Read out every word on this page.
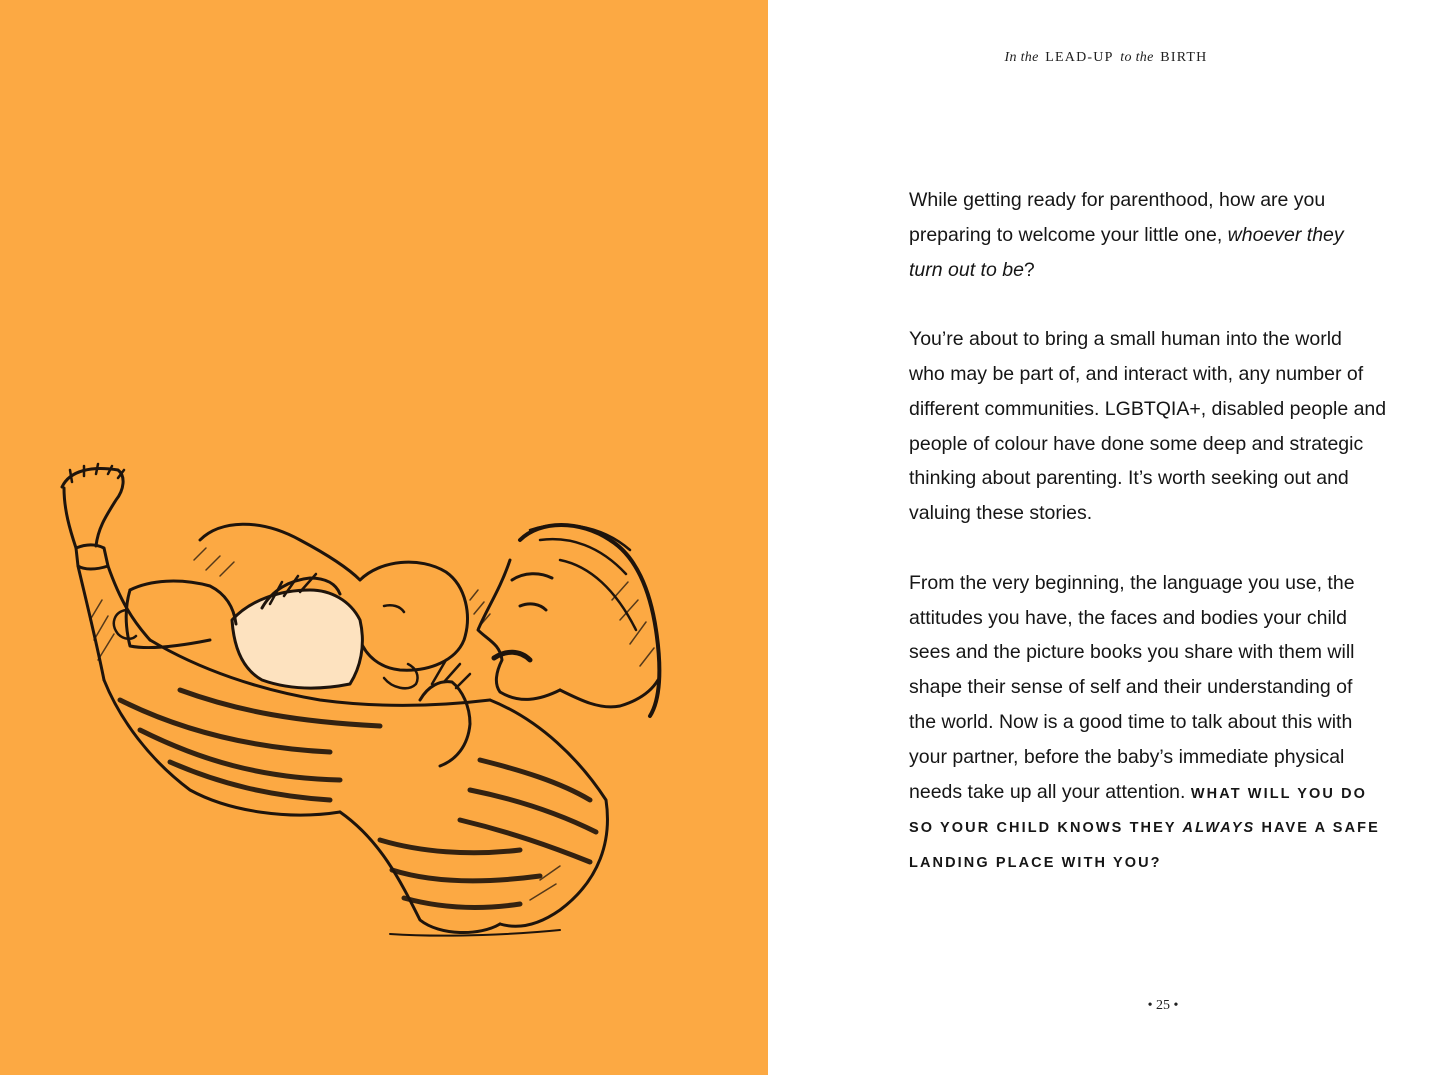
In the LEAD-UP to the BIRTH

While getting ready for parenthood, how are you
preparing to welcome your little one, whoever they
turn out to be?

You’re about to bring a small human into the world
who may be part of, and interact with, any number of
different communities. LGBTQIA+, disabled people and
people of colour have done some deep and strategic
thinking about parenting. It’s worth seeking out and
valuing these stories.

From the very beginning, the language you use, the
attitudes you have, the faces and bodies your child
sees and the picture books you share with them will
shape their sense of self and their understanding of
the world. Now is a good time to talk about this with
your partner, before the baby’s immediate physical
needs take up all your attention. WHAT WILL YOU DO
SO YOUR CHILD KNOWS THEY ALWAYS HAVE A SAFE
LANDING PLACE WITH YOU?

• 25 •
